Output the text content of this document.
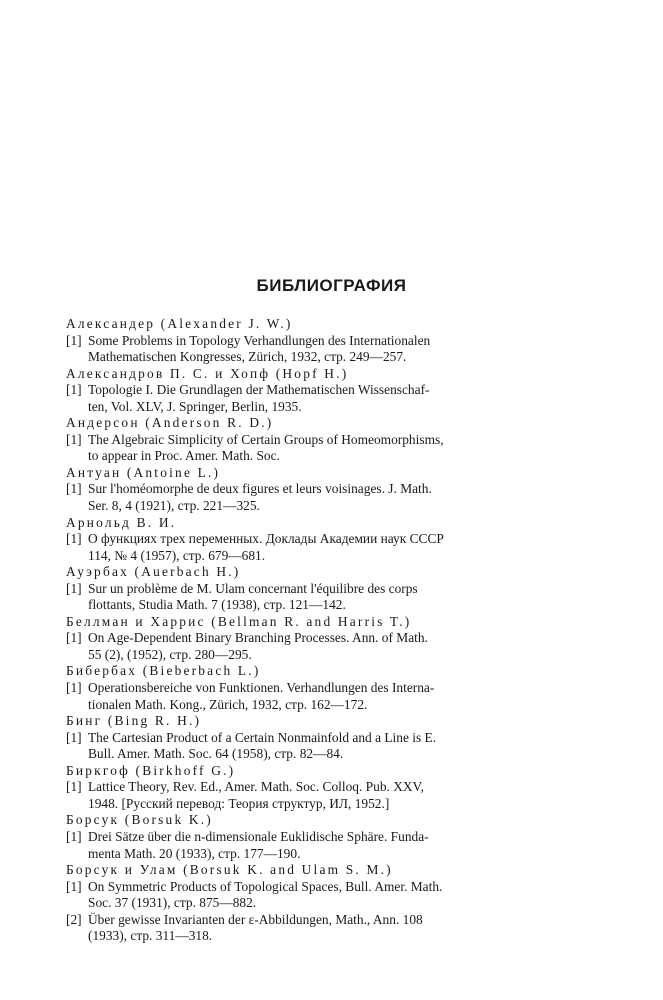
БИБЛИОГРАФИЯ
Александер (Alexander J. W.)
[1] Some Problems in Topology Verhandlungen des Internationalen
Mathematischen Kongresses, Zürich, 1932, стр. 249—257.
Александров П. С. и Хопф (Hopf H.)
[1] Topologie I. Die Grundlagen der Mathematischen Wissenschaf-
ten, Vol. XLV, J. Springer, Berlin, 1935.
Андерсон (Anderson R. D.)
[1] The Algebraic Simplicity of Certain Groups of Homeomorphisms,
to appear in Proc. Amer. Math. Soc.
Антуан (Antoine L.)
[1] Sur l'homéomorphe de deux figures et leurs voisinages. J. Math.
Ser. 8, 4 (1921), стр. 221—325.
Арнольд В. И.
[1] О функциях трех переменных. Доклады Академии наук СССР
114, № 4 (1957), стр. 679—681.
Ауэрбах (Auerbach H.)
[1] Sur un problème de M. Ulam concernant l'équilibre des corps
flottants, Studia Math. 7 (1938), стр. 121—142.
Беллман и Харрис (Bellman R. and Harris T.)
[1] On Age-Dependent Binary Branching Processes. Ann. of Math.
55 (2), (1952), стр. 280—295.
Бибербах (Bieberbach L.)
[1] Operationsbereiche von Funktionen. Verhandlungen des Interna-
tionalen Math. Kong., Zürich, 1932, стр. 162—172.
Бинг (Bing R. H.)
[1] The Cartesian Product of a Certain Nonmainfold and a Line is E.
Bull. Amer. Math. Soc. 64 (1958), стр. 82—84.
Биркгоф (Birkhoff G.)
[1] Lattice Theory, Rev. Ed., Amer. Math. Soc. Colloq. Pub. XXV,
1948. [Русский перевод: Теория структур, ИЛ, 1952.]
Борсук (Borsuk K.)
[1] Drei Sätze über die n-dimensionale Euklidische Sphäre. Funda-
menta Math. 20 (1933), стр. 177—190.
Борсук и Улам (Borsuk K. and Ulam S. M.)
[1] On Symmetric Products of Topological Spaces, Bull. Amer. Math.
Soc. 37 (1931), стр. 875—882.
[2] Über gewisse Invarianten der ε-Abbildungen, Math., Ann. 108
(1933), стр. 311—318.
